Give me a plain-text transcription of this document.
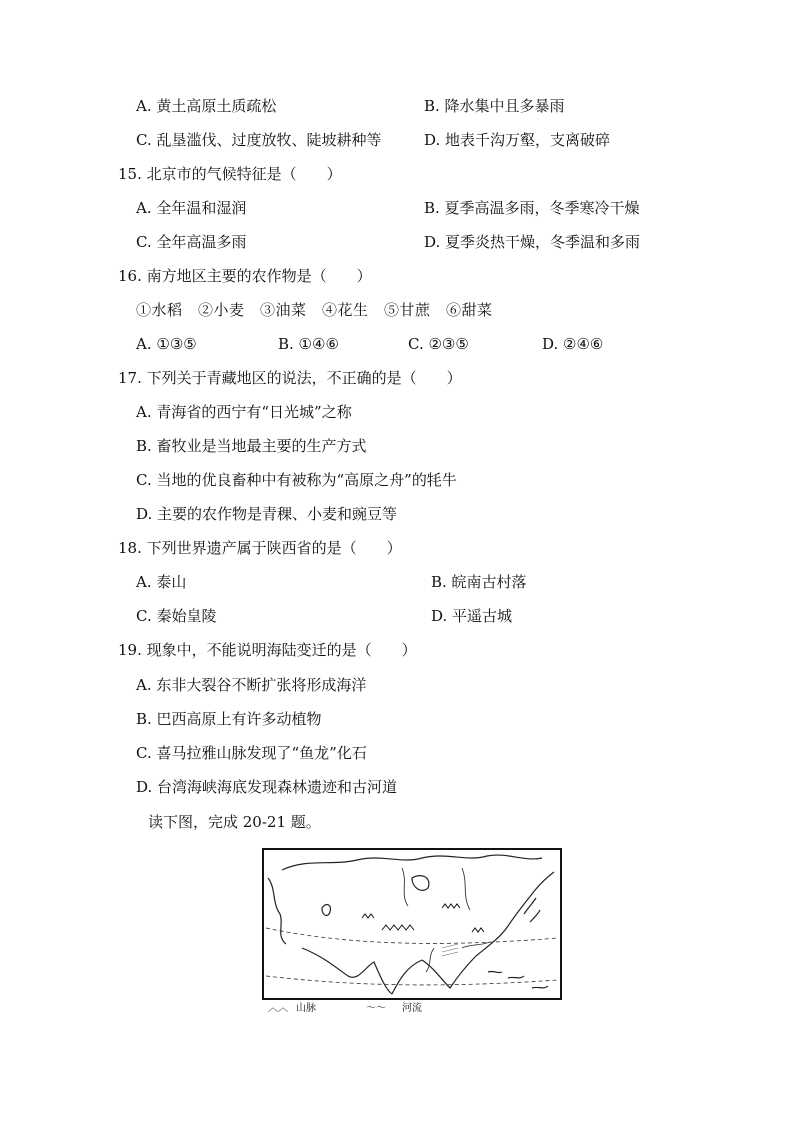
A. 黄土高原土质疏松	B. 降水集中且多暴雨
C. 乱垦滥伐、过度放牧、陡坡耕种等	D. 地表千沟万壑，支离破碎
15. 北京市的气候特征是（　　）
A. 全年温和湿润	B. 夏季高温多雨，冬季寒冷干燥
C. 全年高温多雨	D. 夏季炎热干燥，冬季温和多雨
16. 南方地区主要的农作物是（　　）
①水稻　②小麦　③油菜　④花生　⑤甘蔗　⑥甜菜
A. ①③⑤	B. ①④⑥	C. ②③⑤	D. ②④⑥
17. 下列关于青藏地区的说法，不正确的是（　　）
A. 青海省的西宁有“日光城”之称
B. 畜牧业是当地最主要的生产方式
C. 当地的优良畜种中有被称为“高原之舟”的牦牛
D. 主要的农作物是青稞、小麦和豌豆等
18. 下列世界遗产属于陕西省的是（　　）
A. 泰山	B. 皖南古村落
C. 秦始皇陵	D. 平遥古城
19. 现象中，不能说明海陆变迁的是（　　）
A. 东非大裂谷不断扩张将形成海洋
B. 巴西高原上有许多动植物
C. 喜马拉雅山脉发现了“鱼龙”化石
D. 台湾海峡海底发现森林遗迹和古河道
读下图，完成 20-21 题。
︿︿ 山脉	～～ 河流
